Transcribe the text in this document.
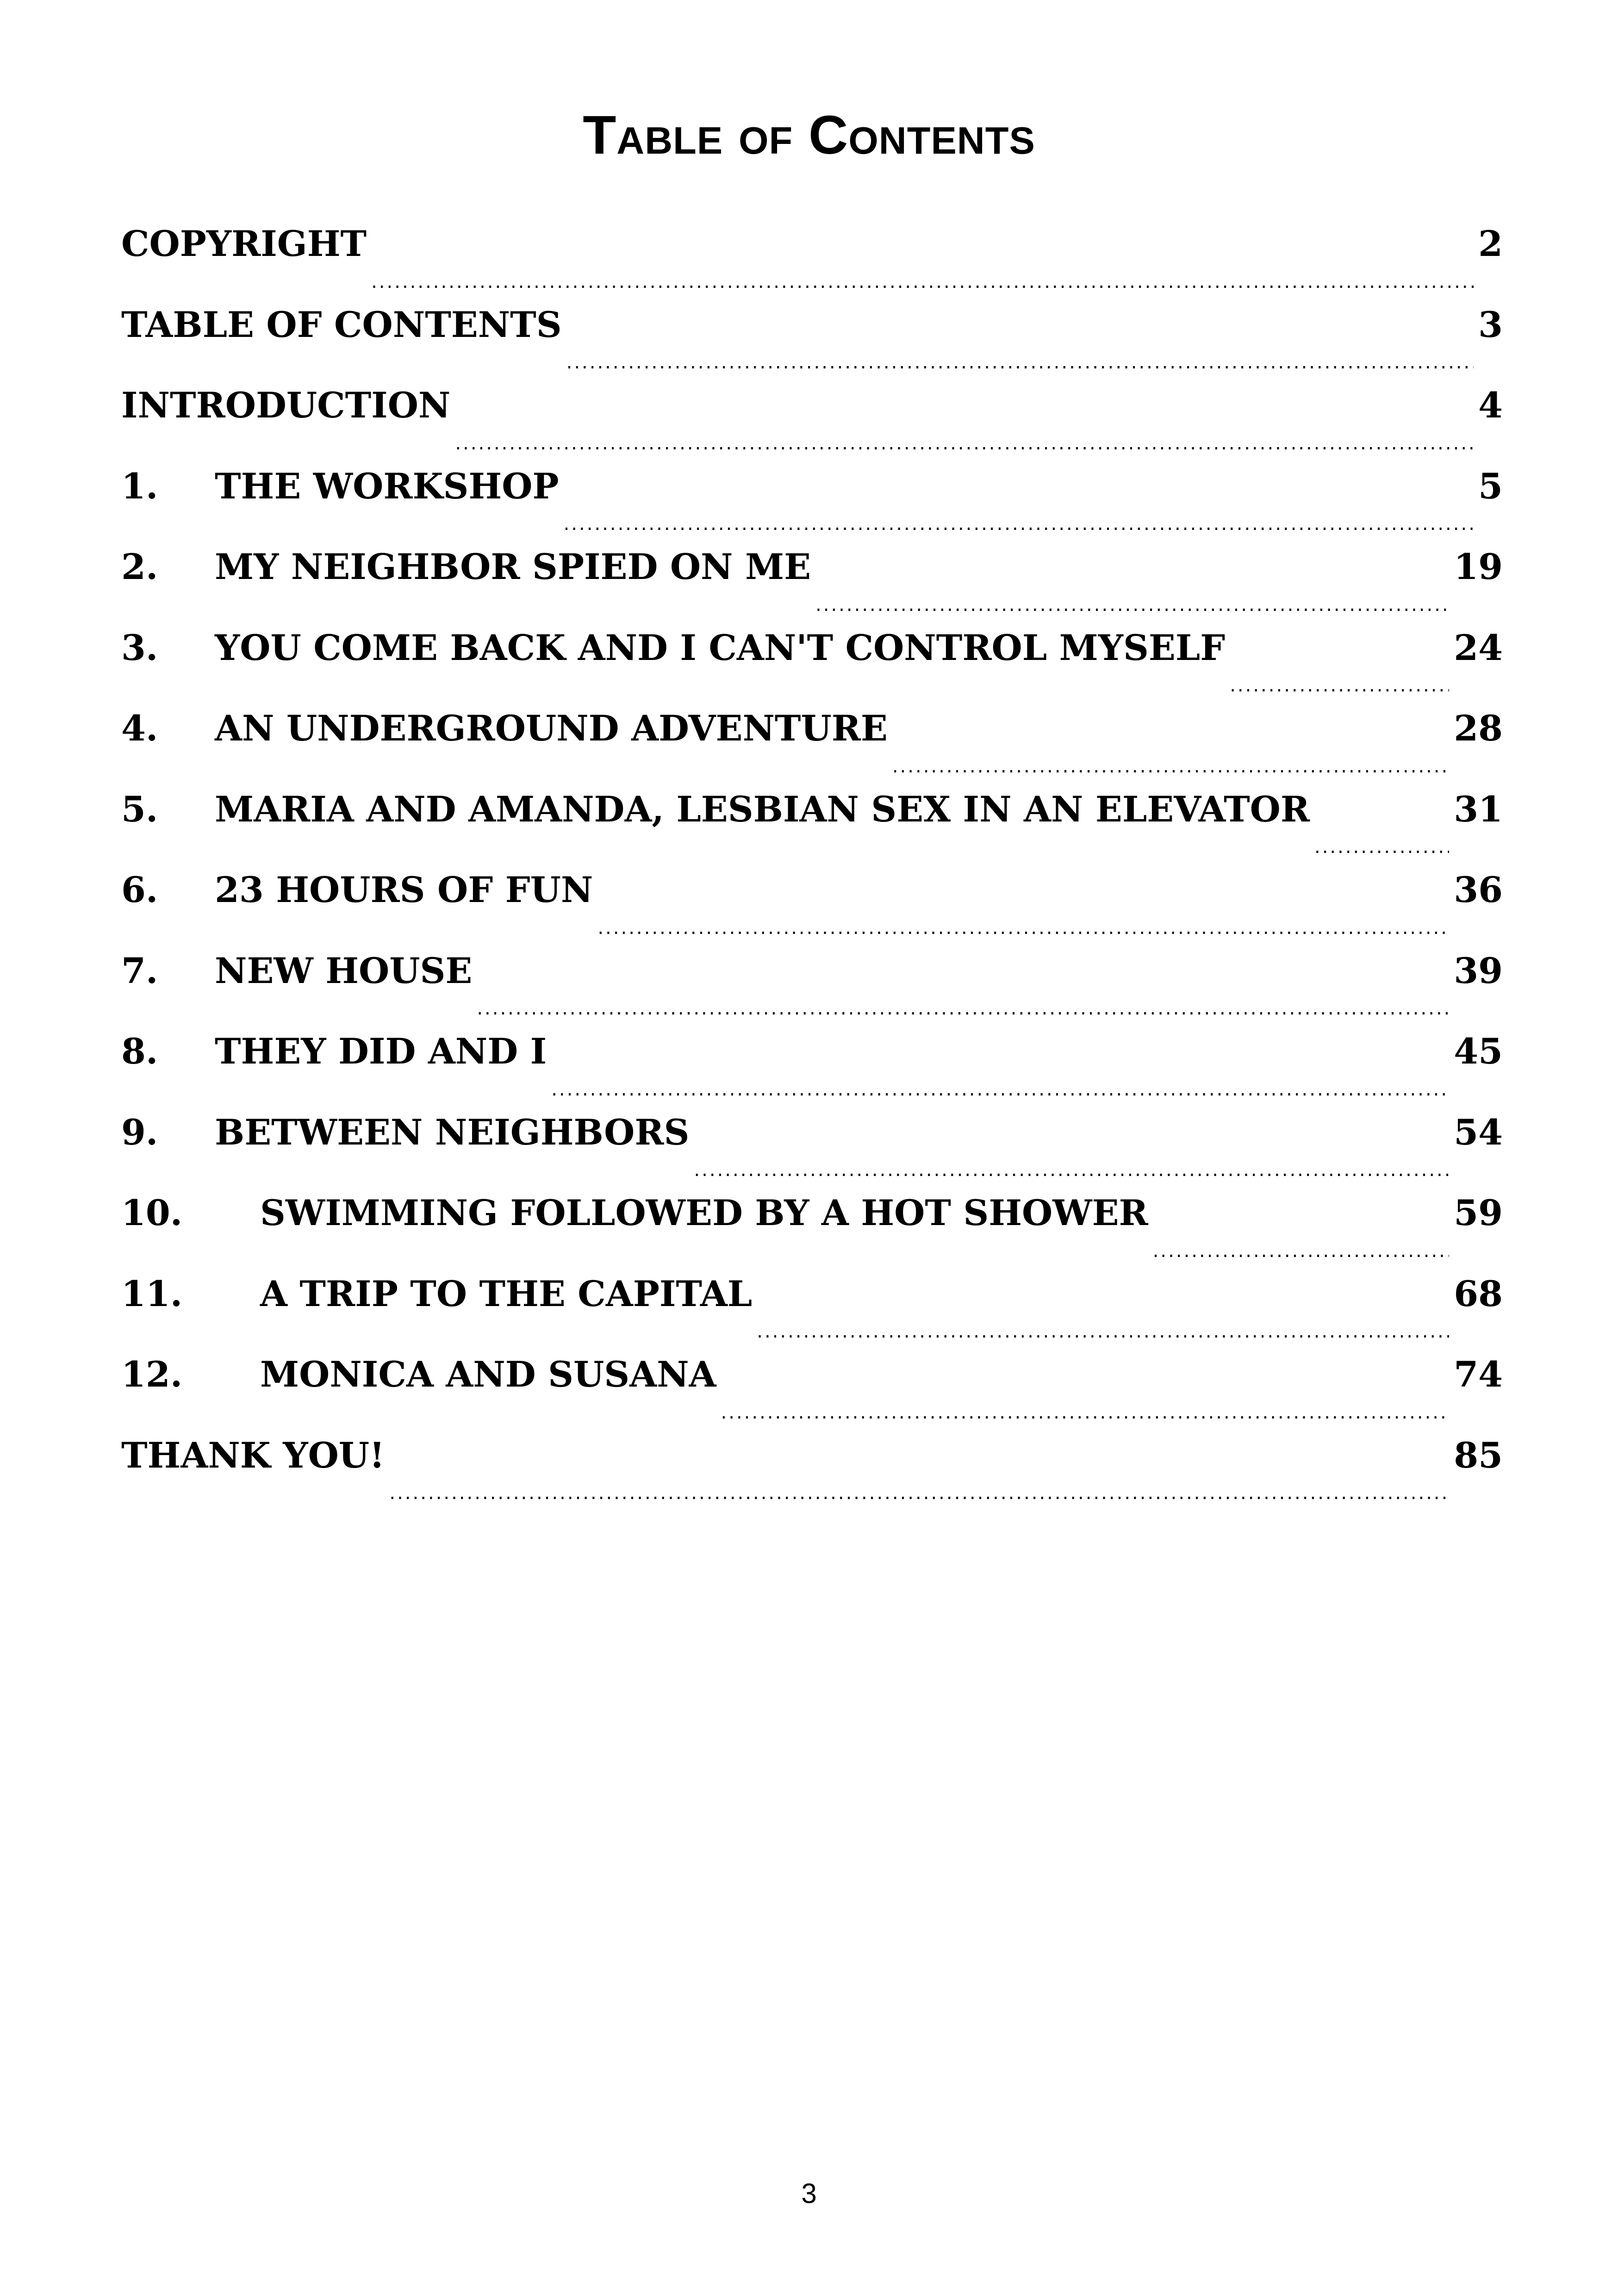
Table of Contents
COPYRIGHT .....	2
TABLE OF CONTENTS .....	3
INTRODUCTION .....	4
1.	THE WORKSHOP .....	5
2.	MY NEIGHBOR SPIED ON ME .....	19
3.	YOU COME BACK AND I CAN'T CONTROL MYSELF .....	24
4.	AN UNDERGROUND ADVENTURE .....	28
5.	MARIA AND AMANDA, LESBIAN SEX IN AN ELEVATOR .....	31
6.	23 HOURS OF FUN .....	36
7.	NEW HOUSE .....	39
8.	THEY DID AND I .....	45
9.	BETWEEN NEIGHBORS .....	54
10.	SWIMMING FOLLOWED BY A HOT SHOWER .....	59
11.	A TRIP TO THE CAPITAL .....	68
12.	MONICA AND SUSANA .....	74
THANK YOU! .....	85
3
